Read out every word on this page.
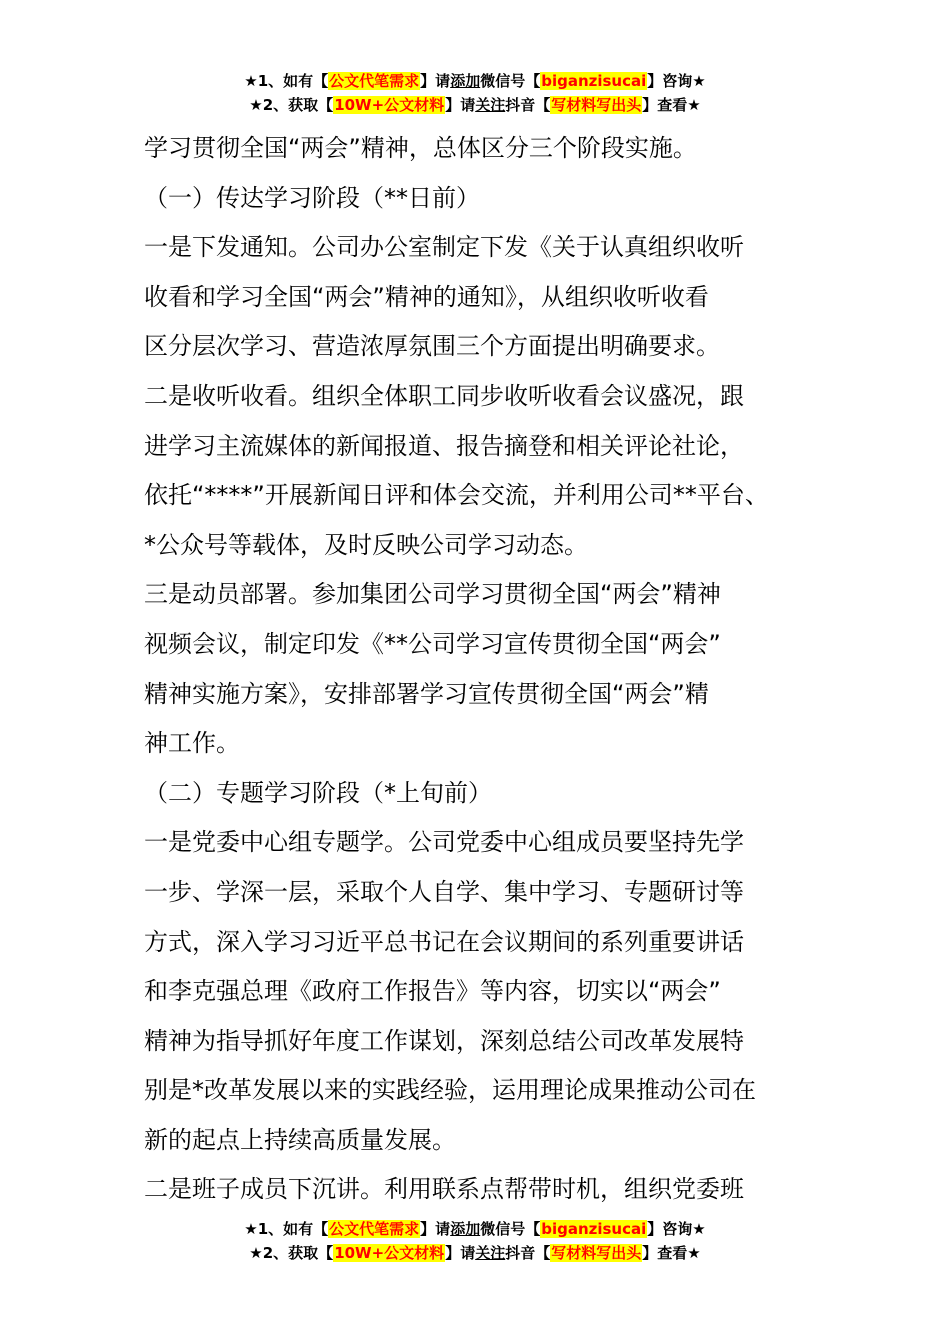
★1、如有【公文代笔需求】请添加微信号【biganzisucai】咨询★
★2、获取【10W+公文材料】请关注抖音【写材料写出头】查看★

学习贯彻全国“两会”精神，总体区分三个阶段实施。

（一）传达学习阶段（**日前）

一是下发通知。公司办公室制定下发《关于认真组织收听

收看和学习全国“两会”精神的通知》，从组织收听收看

区分层次学习、营造浓厚氛围三个方面提出明确要求。

二是收听收看。组织全体职工同步收听收看会议盛况，跟

进学习主流媒体的新闻报道、报告摘登和相关评论社论，

依托“****”开展新闻日评和体会交流，并利用公司**平台、

*公众号等载体，及时反映公司学习动态。

三是动员部署。参加集团公司学习贯彻全国“两会”精神

视频会议，制定印发《**公司学习宣传贯彻全国“两会”

精神实施方案》，安排部署学习宣传贯彻全国“两会”精

神工作。

（二）专题学习阶段（*上旬前）

一是党委中心组专题学。公司党委中心组成员要坚持先学

一步、学深一层，采取个人自学、集中学习、专题研讨等

方式，深入学习习近平总书记在会议期间的系列重要讲话

和李克强总理《政府工作报告》等内容，切实以“两会”

精神为指导抓好年度工作谋划，深刻总结公司改革发展特

别是*改革发展以来的实践经验，运用理论成果推动公司在

新的起点上持续高质量发展。

二是班子成员下沉讲。利用联系点帮带时机，组织党委班

★1、如有【公文代笔需求】请添加微信号【biganzisucai】咨询★
★2、获取【10W+公文材料】请关注抖音【写材料写出头】查看★
